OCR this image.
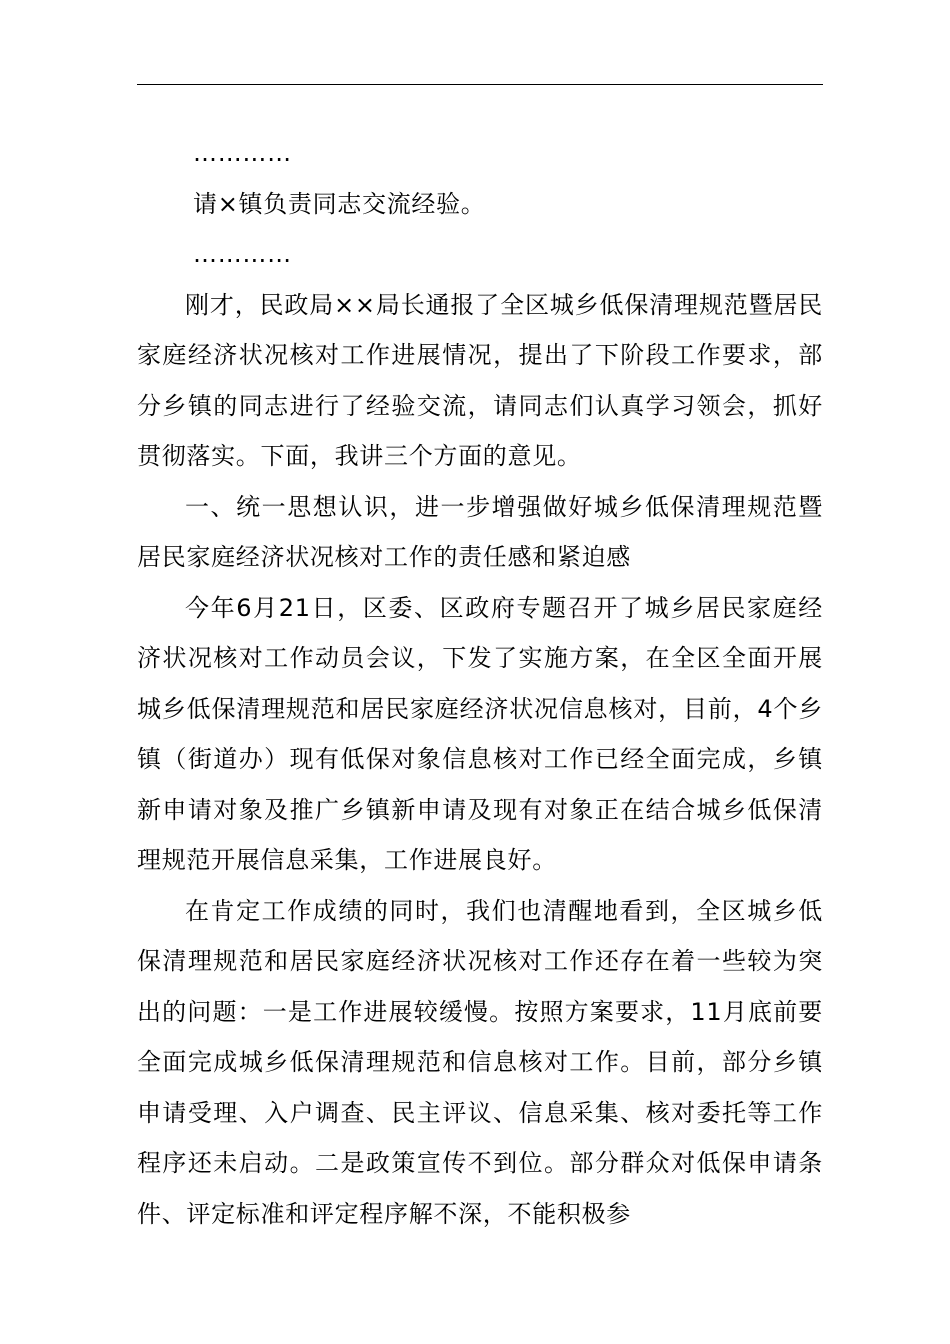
…………

请×镇负责同志交流经验。

…………

刚才，民政局××局长通报了全区城乡低保清理规范暨居民家庭经济状况核对工作进展情况，提出了下阶段工作要求，部分乡镇的同志进行了经验交流，请同志们认真学习领会，抓好贯彻落实。下面，我讲三个方面的意见。

一、统一思想认识，进一步增强做好城乡低保清理规范暨居民家庭经济状况核对工作的责任感和紧迫感

今年6月21日，区委、区政府专题召开了城乡居民家庭经济状况核对工作动员会议，下发了实施方案，在全区全面开展城乡低保清理规范和居民家庭经济状况信息核对，目前，4个乡镇（街道办）现有低保对象信息核对工作已经全面完成，乡镇新申请对象及推广乡镇新申请及现有对象正在结合城乡低保清理规范开展信息采集，工作进展良好。

在肯定工作成绩的同时，我们也清醒地看到，全区城乡低保清理规范和居民家庭经济状况核对工作还存在着一些较为突出的问题：一是工作进展较缓慢。按照方案要求，11月底前要全面完成城乡低保清理规范和信息核对工作。目前，部分乡镇申请受理、入户调查、民主评议、信息采集、核对委托等工作程序还未启动。二是政策宣传不到位。部分群众对低保申请条件、评定标准和评定程序解不深，不能积极参
